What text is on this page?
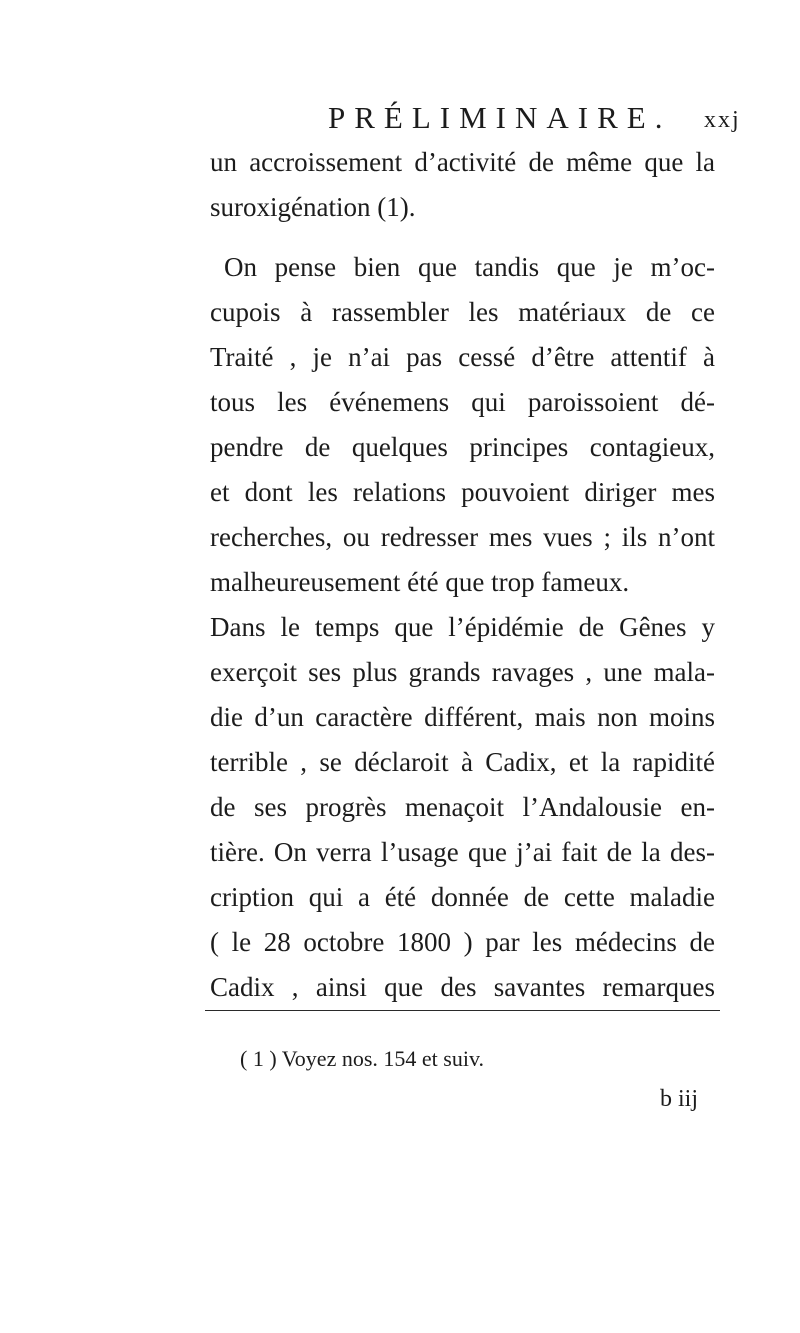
PRÉLIMINAIRE. xxj
un accroissement d’activité de même que la
suroxigénation (1).
On pense bien que tandis que je m’oc-
cupois à rassembler les matériaux de ce
Traité , je n’ai pas cessé d’être attentif à
tous les événemens qui paroissoient dé-
pendre de quelques principes contagieux,
et dont les relations pouvoient diriger mes
recherches, ou redresser mes vues ; ils n’ont
malheureusement été que trop fameux.
Dans le temps que l’épidémie de Gênes y
exerçoit ses plus grands ravages , une mala-
die d’un caractère différent, mais non moins
terrible , se déclaroit à Cadix, et la rapidité
de ses progrès menaçoit l’Andalousie en-
tière. On verra l’usage que j’ai fait de la des-
cription qui a été donnée de cette maladie
( le 28 octobre 1800 ) par les médecins de
Cadix , ainsi que des savantes remarques
( 1 ) Voyez nos. 154 et suiv.
b iij
